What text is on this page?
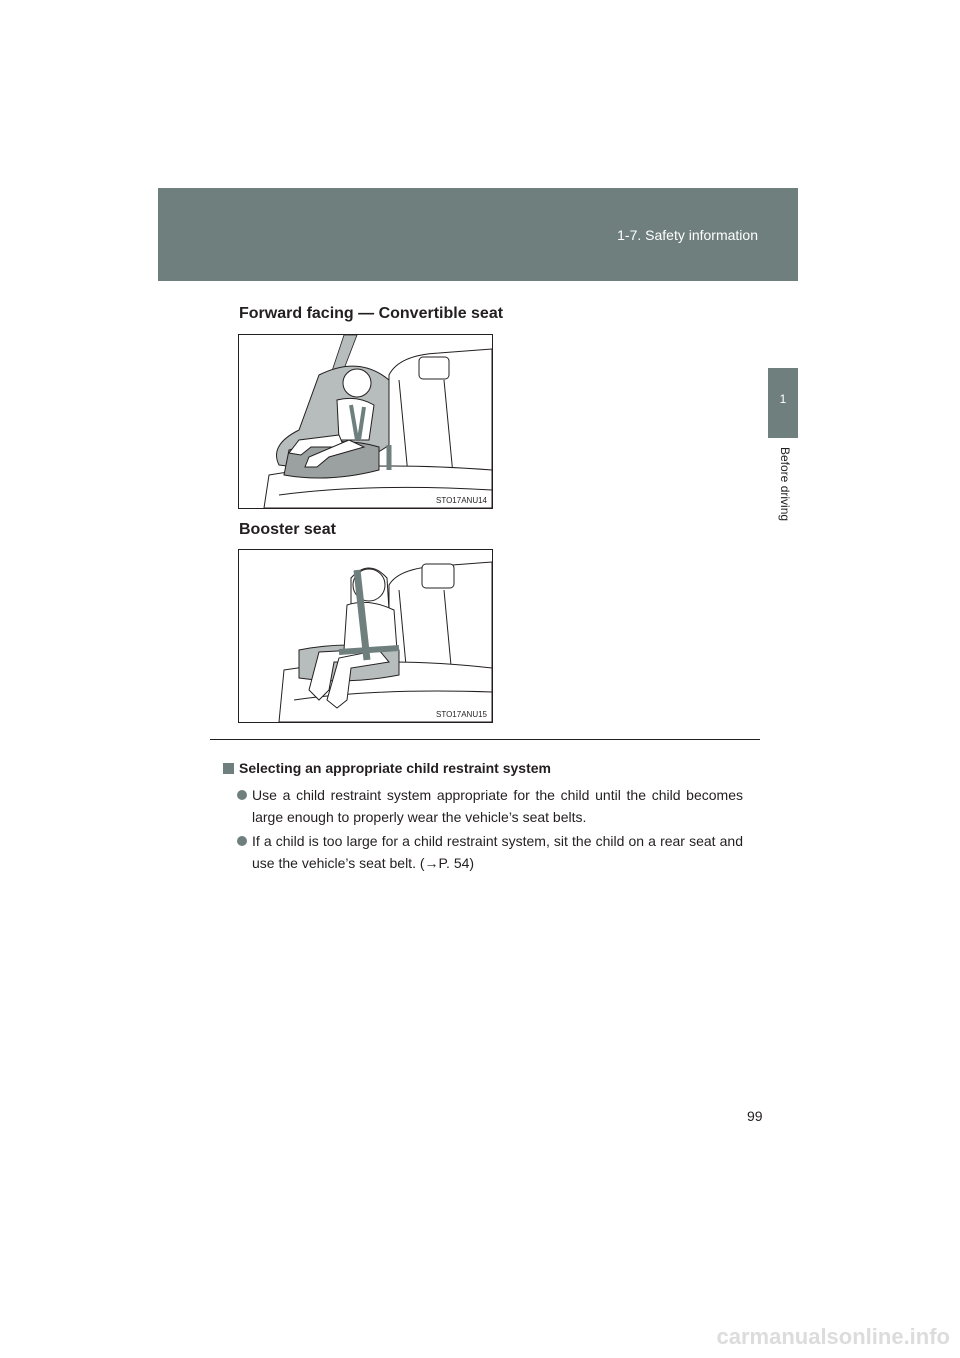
1-7. Safety information
1
Before driving
Forward facing — Convertible seat
STO17ANU14
Booster seat
STO17ANU15
Selecting an appropriate child restraint system
Use a child restraint system appropriate for the child until the child becomes large enough to properly wear the vehicle’s seat belts.
If a child is too large for a child restraint system, sit the child on a rear seat and use the vehicle’s seat belt. (→P. 54)
99
carmanualsonline.info
